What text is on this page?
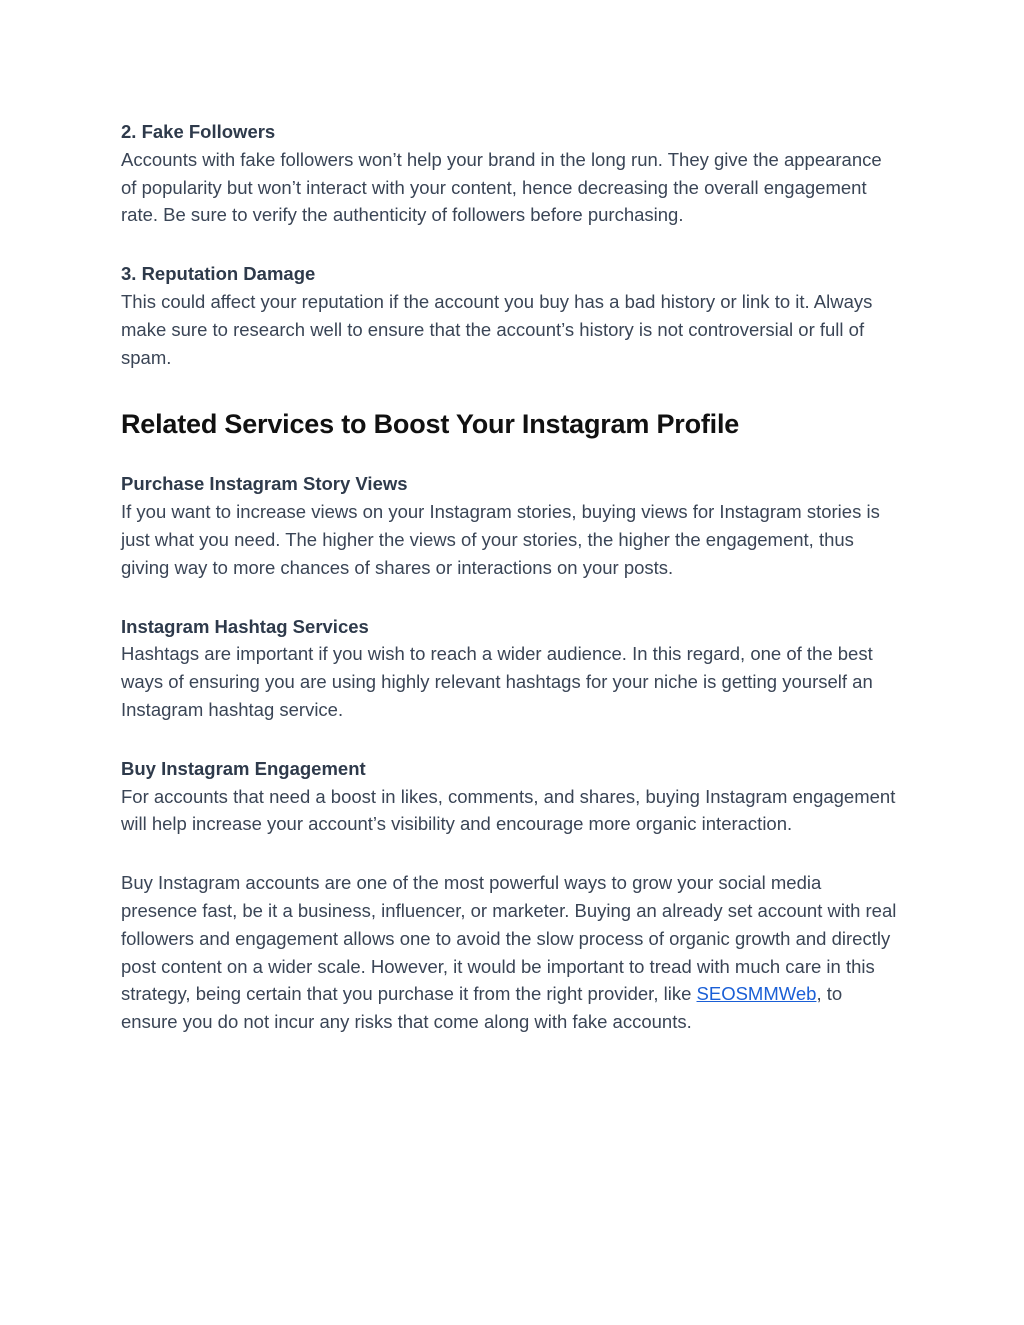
2. Fake Followers

Accounts with fake followers won’t help your brand in the long run. They give the appearance of popularity but won’t interact with your content, hence decreasing the overall engagement rate. Be sure to verify the authenticity of followers before purchasing.

3. Reputation Damage

This could affect your reputation if the account you buy has a bad history or link to it. Always make sure to research well to ensure that the account’s history is not controversial or full of spam.

Related Services to Boost Your Instagram Profile

Purchase Instagram Story Views

If you want to increase views on your Instagram stories, buying views for Instagram stories is just what you need. The higher the views of your stories, the higher the engagement, thus giving way to more chances of shares or interactions on your posts.

Instagram Hashtag Services

Hashtags are important if you wish to reach a wider audience. In this regard, one of the best ways of ensuring you are using highly relevant hashtags for your niche is getting yourself an Instagram hashtag service.

Buy Instagram Engagement

For accounts that need a boost in likes, comments, and shares, buying Instagram engagement will help increase your account’s visibility and encourage more organic interaction.

Buy Instagram accounts are one of the most powerful ways to grow your social media presence fast, be it a business, influencer, or marketer. Buying an already set account with real followers and engagement allows one to avoid the slow process of organic growth and directly post content on a wider scale. However, it would be important to tread with much care in this strategy, being certain that you purchase it from the right provider, like SEOSMMWeb, to ensure you do not incur any risks that come along with fake accounts.
